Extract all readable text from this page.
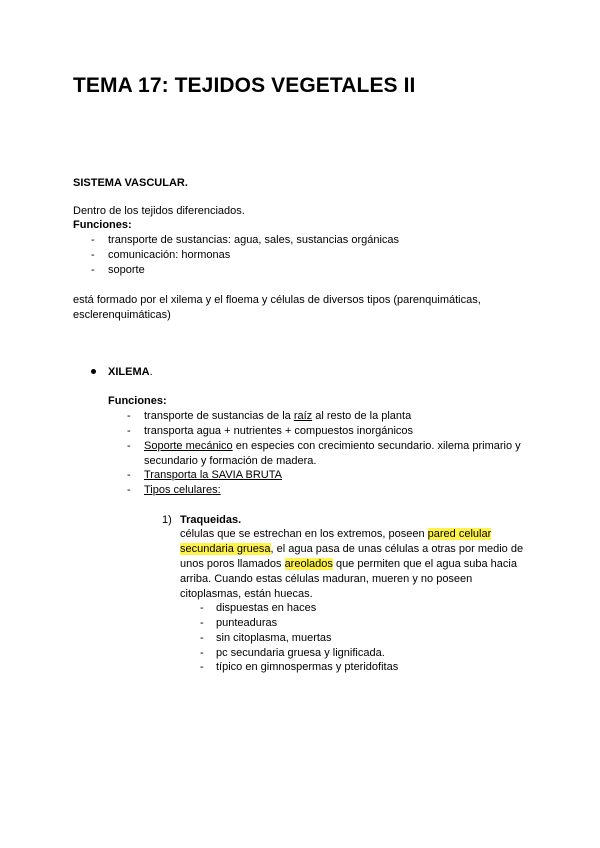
TEMA 17: TEJIDOS VEGETALES II
SISTEMA VASCULAR.
Dentro de los tejidos diferenciados.
Funciones:
- transporte de sustancias: agua, sales, sustancias orgánicas
- comunicación: hormonas
- soporte
está formado por el xilema y el floema y células de diversos tipos (parenquimáticas,
esclerenquimáticas)
XILEMA.
Funciones:
- transporte de sustancias de la raíz al resto de la planta
- transporta agua + nutrientes + compuestos inorgánicos
- Soporte mecánico en especies con crecimiento secundario. xilema primario y
secundario y formación de madera.
- Transporta la SAVIA BRUTA
- Tipos celulares:
1) Traqueidas.
células que se estrechan en los extremos, poseen pared celular
secundaria gruesa, el agua pasa de unas células a otras por medio de
unos poros llamados areolados que permiten que el agua suba hacia
arriba. Cuando estas células maduran, mueren y no poseen
citoplasmas, están huecas.
- dispuestas en haces
- punteaduras
- sin citoplasma, muertas
- pc secundaria gruesa y lignificada.
- típico en gimnospermas y pteridofitas
